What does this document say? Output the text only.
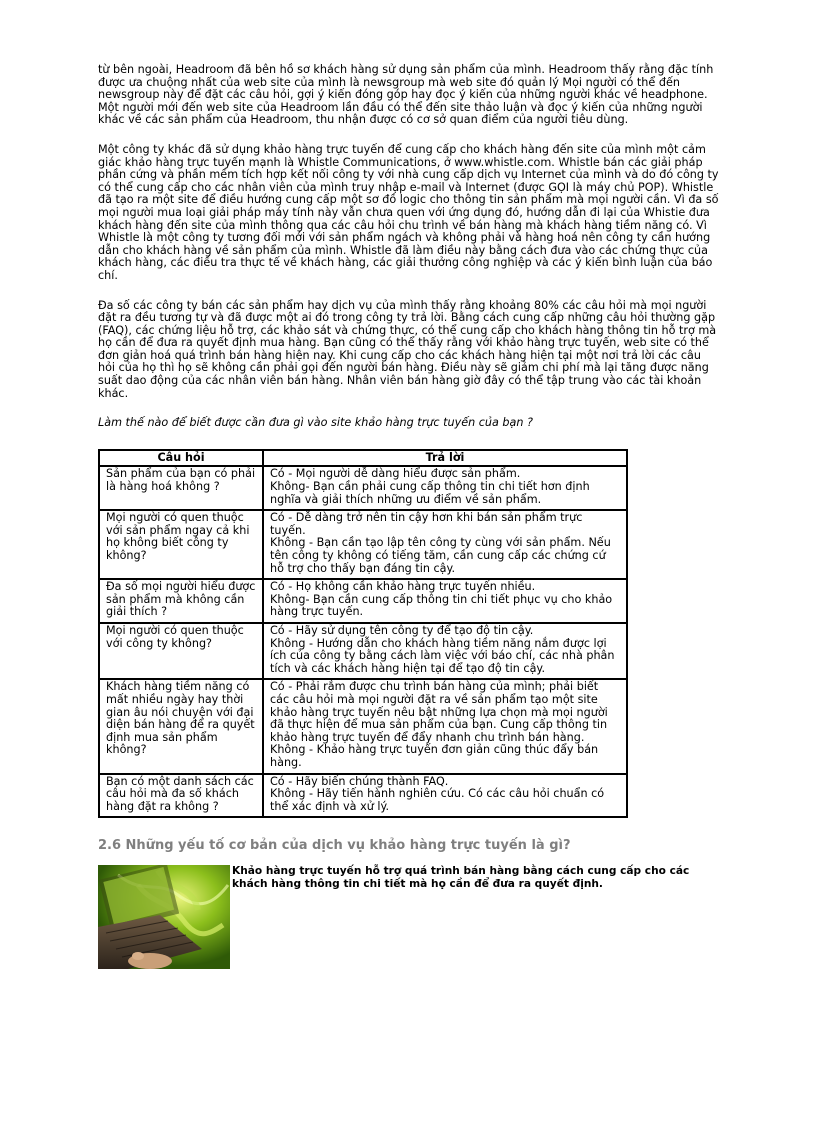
từ bên ngoài, Headroom đã bên hồ sơ khách hàng sử dụng sản phẩm của mình. Headroom thấy rằng đặc tính được ưa chuộng nhất của web site của mình là newsgroup mà web site đó quản lý Mọi người có thể đến newsgroup này để đặt các câu hỏi, gợi ý kiến đóng góp hay đọc ý kiến của những người khác về headphone. Một người mới đến web site của Headroom lần đầu có thể đến site thảo luận và đọc ý kiến của những người khác về các sản phẩm của Headroom, thu nhận được có cơ sở quan điểm của người tiêu dùng.

Một công ty khác đã sử dụng khảo hàng trực tuyến để cung cấp cho khách hàng đến site của mình một cảm giác khảo hàng trực tuyến mạnh là Whistle Communications, ở www.whistle.com. Whistle bán các giải pháp phần cứng và phần mềm tích hợp kết nối công ty với nhà cung cấp dịch vụ Internet của mình và do đó công ty có thể cung cấp cho các nhân viên của mình truy nhập e-mail và Internet (được GỌI là máy chủ POP). Whistle đã tạo ra một site để điều hướng cung cấp một sơ đồ logic cho thông tin sản phẩm mà mọi người cần. Vì đa số mọi người mua loại giải pháp máy tính này vẫn chưa quen với ứng dụng đó, hướng dẫn đi lại của Whistie đưa khách hàng đến site của mình thông qua các câu hỏi chu trình về bán hàng mà khách hàng tiềm năng có. Vì Whistle là một công ty tương đối mới với sản phẩm ngách và không phải và hàng hoá nên công ty cần hướng dẫn cho khách hàng về sản phẩm của mình. Whistle đã làm điều này bằng cách đưa vào các chứng thực của khách hàng, các điều tra thực tế về khách hàng, các giải thưởng công nghiệp và các ý kiến bình luận của báo chí.

Đa số các công ty bán các sản phẩm hay dịch vụ của mình thấy rằng khoảng 80% các câu hỏi mà mọi người đặt ra đều tương tự và đã được một ai đó trong công ty trả lời. Bằng cách cung cấp những câu hỏi thường gặp (FAQ), các chứng liệu hỗ trợ, các khảo sát và chứng thực, có thể cung cấp cho khách hàng thông tin hỗ trợ mà họ cần để đưa ra quyết định mua hàng. Bạn cũng có thể thấy rằng với khảo hàng trực tuyến, web site có thể đơn giản hoá quá trình bán hàng hiện nay. Khi cung cấp cho các khách hàng hiện tại một nơi trả lời các câu hỏi của họ thì họ sẽ không cần phải gọi đến người bán hàng. Điều này sẽ giảm chi phí mà lại tăng được năng suất dao động của các nhân viên bán hàng. Nhân viên bán hàng giờ đây có thể tập trung vào các tài khoản khác.

Làm thế nào để biết được cần đưa gì vào site khảo hàng trực tuyến của bạn ?

Câu hỏi	Trả lời
Sản phẩm của bạn có phải là hàng hoá không ?	Có - Mọi người dễ dàng hiểu được sản phẩm.
Không- Bạn cần phải cung cấp thông tin chi tiết hơn định nghĩa và giải thích những ưu điểm về sản phẩm.

Mọi người có quen thuộc với sản phẩm ngay cả khi họ không biết công ty không?	Có - Dễ dàng trở nên tin cậy hơn khi bán sản phẩm trực tuyến.
Không - Bạn cần tạo lập tên công ty cùng với sản phẩm. Nếu tên công ty không có tiếng tăm, cần cung cấp các chứng cứ hỗ trợ cho thấy bạn đáng tin cậy.

Đa số mọi người hiểu được sản phẩm mà không cần giải thích ?	Có - Họ không cần khảo hàng trực tuyến nhiều.
Không- Bạn cần cung cấp thông tin chi tiết phục vụ cho khảo hàng trực tuyến.

Mọi người có quen thuộc với công ty không?	Có - Hãy sử dụng tên công ty để tạo độ tin cậy.
Không - Hướng dẫn cho khách hàng tiềm năng nắm được lợi ích của công ty bằng cách làm việc với báo chí, các nhà phân tích và các khách hàng hiện tại để tạo độ tin cậy.

Khách hàng tiềm năng có mất nhiều ngày hay thời gian âu nói chuyện với đại diện bán hàng để ra quyết định mua sản phẩm không?	Có - Phải rắm được chu trình bán hàng của mình; phải biết các câu hỏi mà mọi người đặt ra về sản phẩm tạo một site khảo hàng trực tuyến nêu bật những lựa chọn mà mọi người đã thực hiện để mua sản phẩm của bạn. Cung cấp thông tin khảo hàng trực tuyến để đẩy nhanh chu trình bán hàng.
Không - Khảo hàng trực tuyến đơn giản cũng thúc đẩy bán hàng.

Bạn có một danh sách các câu hỏi mà đa số khách hàng đặt ra không ?	Có - Hãy biến chúng thành FAQ.
Không - Hãy tiến hành nghiên cứu. Có các câu hỏi chuẩn có thể xác định và xử lý.
2.6 Những yếu tố cơ bản của dịch vụ khảo hàng trực tuyến là gì?

Khảo hàng trực tuyến hỗ trợ quá trình bán hàng bằng cách cung cấp cho các khách hàng thông tin chi tiết mà họ cần để đưa ra quyết định.
